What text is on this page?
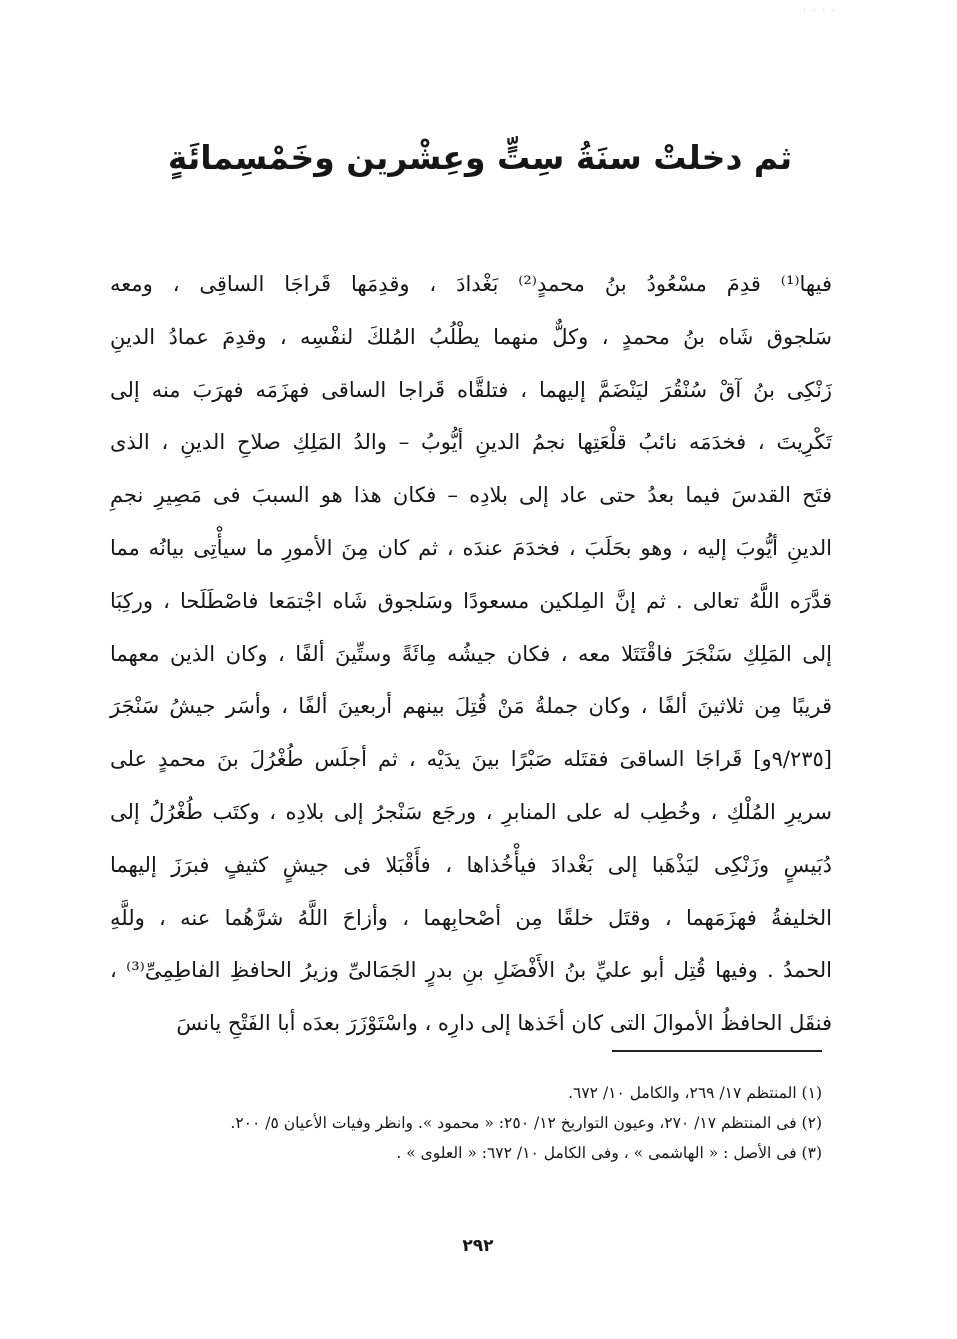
· · · ·
ثم دخلتْ سنَةُ سِتٍّ وعِشْرين وخَمْسِمائَةٍ
فيها⁽¹⁾ قدِمَ مسْعُودُ بنُ محمدٍ⁽²⁾ بَغْدادَ ، وقدِمَها قَراجَا الساقِى ، ومعه
سَلجوق شَاه بنُ محمدٍ ، وكلٌّ منهما يطْلُبُ المُلكَ لنفْسِه ، وقدِمَ عمادُ الدينِ
زَنْكِى بنُ آقْ سُنْقُرَ ليَنْضَمَّ إليهما ، فتلقَّاه قَراجا الساقى فهزَمَه فهرَبَ منه إلى
تَكْرِيتَ ، فخدَمَه نائبُ قلْعَتِها نجمُ الدينِ أيُّوبُ – والدُ المَلِكِ صلاحِ الدينِ ، الذى
فتَح القدسَ فيما بعدُ حتى عاد إلى بلادِه – فكان هذا هو السببَ فى مَصِيرِ نجمِ
الدينِ أيُّوبَ إليه ، وهو بحَلَبَ ، فخدَمَ عندَه ، ثم كان مِنَ الأمورِ ما سيأْتِى بيانُه مما
قدَّرَه اللَّهُ تعالى . ثم إنَّ المِلكين مسعودًا وسَلجوق شَاه اجْتمَعا فاصْطَلَحا ، وركِبَا
إلى المَلِكِ سَنْجَرَ فاقْتَتَلا معه ، فكان جيشُه مِائَةً وستِّينَ ألفًا ، وكان الذين معهما
قريبًا مِن ثلاثينَ ألفًا ، وكان جملةُ مَنْ قُتِلَ بينهم أربعينَ ألفًا ، وأسَر جيشُ سَنْجَرَ
[٩/٢٣٥و] قَراجَا الساقىَ فقتَله صَبْرًا بينَ يدَيْه ، ثم أجلَس طُغْرُلَ بنَ محمدٍ على
سريرِ المُلْكِ ، وخُطِب له على المنابرِ ، ورجَع سَنْجرُ إلى بلادِه ، وكتَب طُغْرُلُ إلى
دُبَيسٍ وزَنْكِى ليَذْهَبا إلى بَغْدادَ فيأْخُذاها ، فأَقْبَلا فى جيشٍ كثيفٍ فبرَزَ إليهما
الخليفةُ فهزَمَهما ، وقتَل خلقًا مِن أصْحابِهما ، وأزاحَ اللَّهُ شرَّهُما عنه ، وللَّهِ
الحمدُ . وفيها قُتِل أبو عليِّ بنُ الأَفْضَلِ بنِ بدرٍ الجَمَالىِّ وزيرُ الحافظِ الفاطِمِىِّ⁽³⁾ ،
فنقَل الحافظُ الأموالَ التى كان أخَذها إلى دارِه ، واسْتَوْزَرَ بعدَه أبا الفَتْحِ يانسَ
(١) المنتظم ١٧/ ٢٦٩، والكامل ١٠/ ٦٧٢.
(٢) فى المنتظم ١٧/ ٢٧٠، وعيون التواريخ ١٢/ ٢٥٠: « محمود ». وانظر وفيات الأعيان ٥/ ٢٠٠.
(٣) فى الأصل : « الهاشمى » ، وفى الكامل ١٠/ ٦٧٢: « العلوى » .
٢٩٢
